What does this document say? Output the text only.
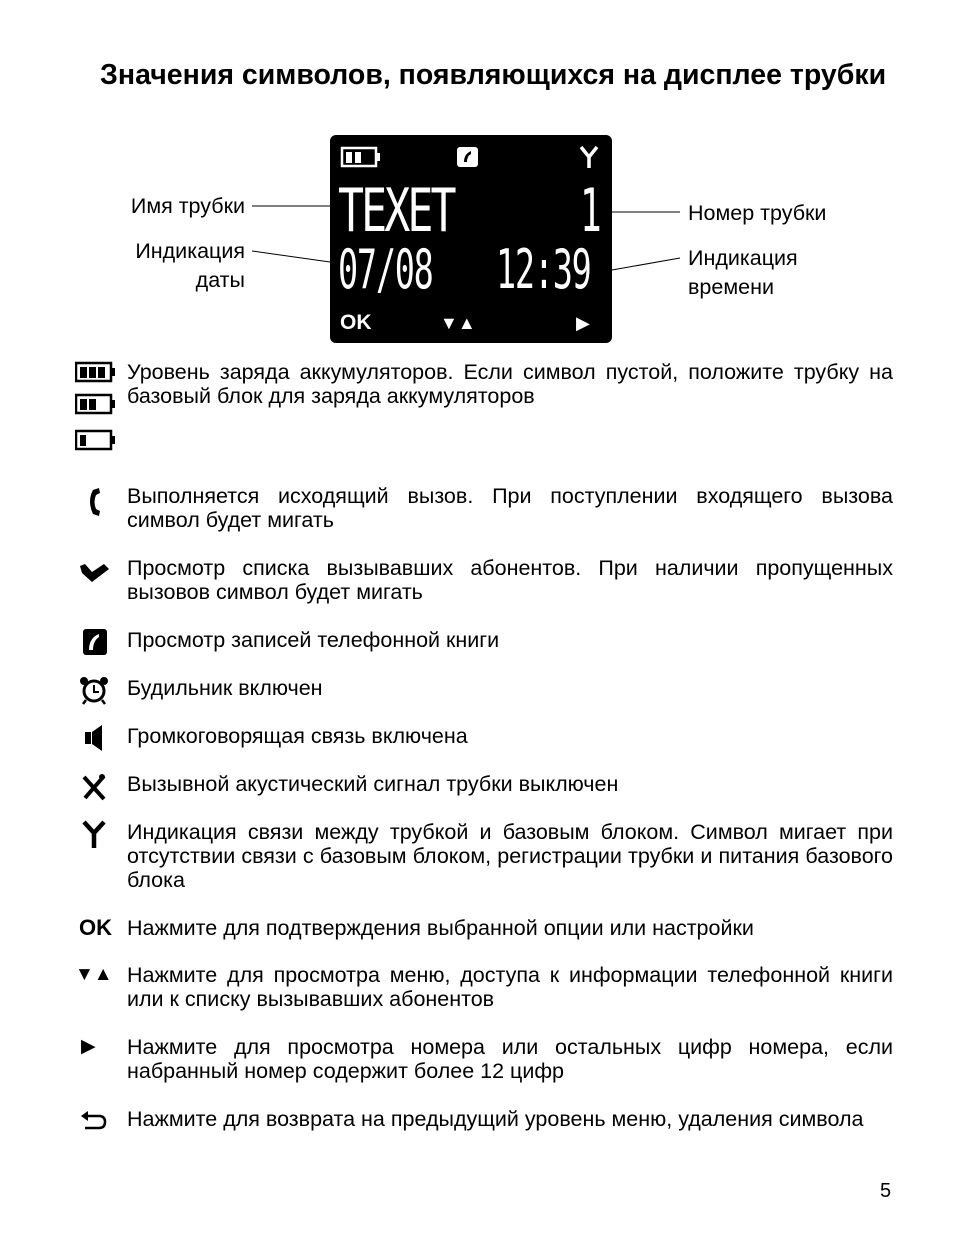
Значения символов, появляющихся на дисплее трубки
Имя трубки
Индикация
даты
Номер трубки
Индикация
времени
TEXET 1
07/08 12:39
OK	▼▲	▶
Уровень заряда аккумуляторов. Если символ пустой, положите трубку на базовый блок для заряда аккумуляторов
Выполняется исходящий вызов. При поступлении входящего вызова символ будет мигать
Просмотр списка вызывавших абонентов. При наличии пропущенных вызовов символ будет мигать
Просмотр записей телефонной книги
Будильник включен
Громкоговорящая связь включена
Вызывной акустический сигнал трубки выключен
Индикация связи между трубкой и базовым блоком. Символ мигает при отсутствии связи с базовым блоком, регистрации трубки и питания базового блока
OK Нажмите для подтверждения выбранной опции или настройки
▼▲ Нажмите для просмотра меню, доступа к информации телефонной книги или к списку вызывавших абонентов
▶	Нажмите для просмотра номера или остальных цифр номера, если набранный номер содержит более 12 цифр
Нажмите для возврата на предыдущий уровень меню, удаления символа
5
